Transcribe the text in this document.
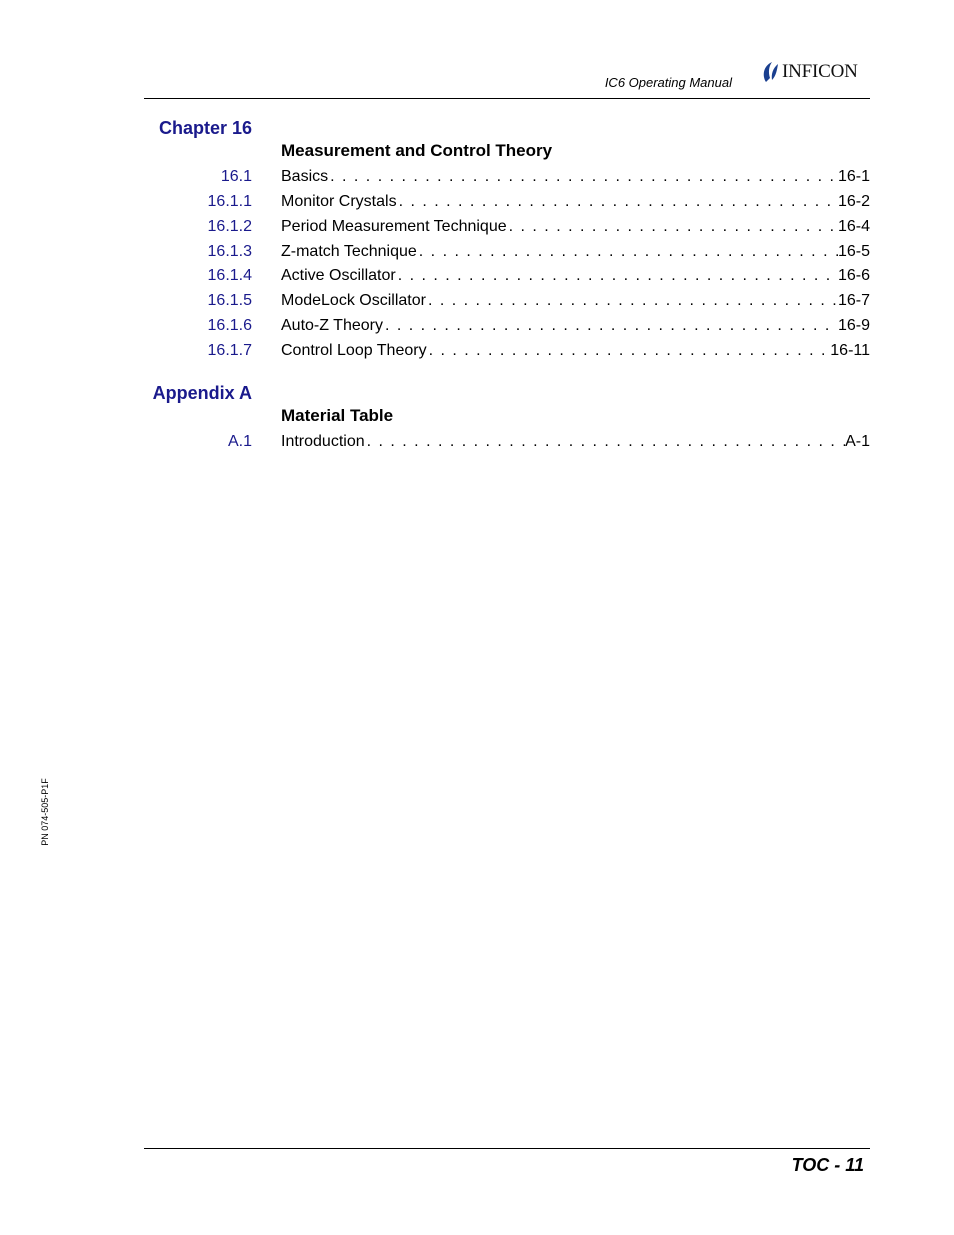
IC6 Operating Manual
INFICON
Chapter 16
Measurement and Control Theory
16.1 Basics . . .	16-1
16.1.1 Monitor Crystals . . .	16-2
16.1.2 Period Measurement Technique . . .	16-4
16.1.3 Z-match Technique . . .	16-5
16.1.4 Active Oscillator . . .	16-6
16.1.5 ModeLock Oscillator . . .	16-7
16.1.6 Auto-Z Theory . . .	16-9
16.1.7 Control Loop Theory . . .	16-11
Appendix A
Material Table
A.1 Introduction . . .	A-1
PN 074-505-P1F
TOC - 11
